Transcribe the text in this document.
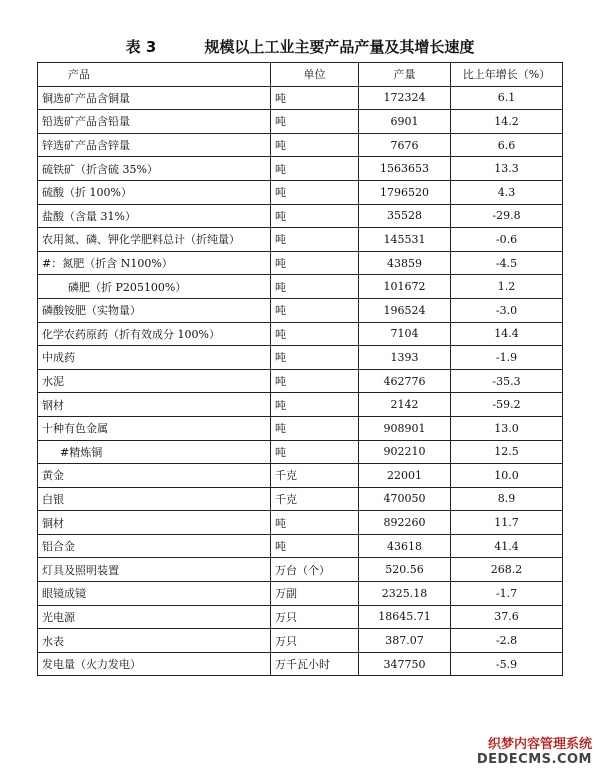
表 3	规模以上工业主要产品产量及其增长速度
产品	单位	产量	比上年增长（%）
铜选矿产品含铜量	吨	172324	6.1
铅选矿产品含铅量	吨	6901	14.2
锌选矿产品含锌量	吨	7676	6.6
硫铁矿（折含硫 35%）	吨	1563653	13.3
硫酸（折 100%）	吨	1796520	4.3
盐酸（含量 31%）	吨	35528	-29.8
农用氮、磷、钾化学肥料总计（折纯量）	吨	145531	-0.6
#：氮肥（折含 N100%）	吨	43859	-4.5
磷肥（折 P205100%）	吨	101672	1.2
磷酸铵肥（实物量）	吨	196524	-3.0
化学农药原药（折有效成分 100%）	吨	7104	14.4
中成药	吨	1393	-1.9
水泥	吨	462776	-35.3
钢材	吨	2142	-59.2
十种有色金属	吨	908901	13.0
#精炼铜	吨	902210	12.5
黄金	千克	22001	10.0
白银	千克	470050	8.9
铜材	吨	892260	11.7
铝合金	吨	43618	41.4
灯具及照明装置	万台（个）	520.56	268.2
眼镜成镜	万副	2325.18	-1.7
光电源	万只	18645.71	37.6
水表	万只	387.07	-2.8
发电量（火力发电）	万千瓦小时	347750	-5.9
织梦内容管理系统
DEDECMS.COM
